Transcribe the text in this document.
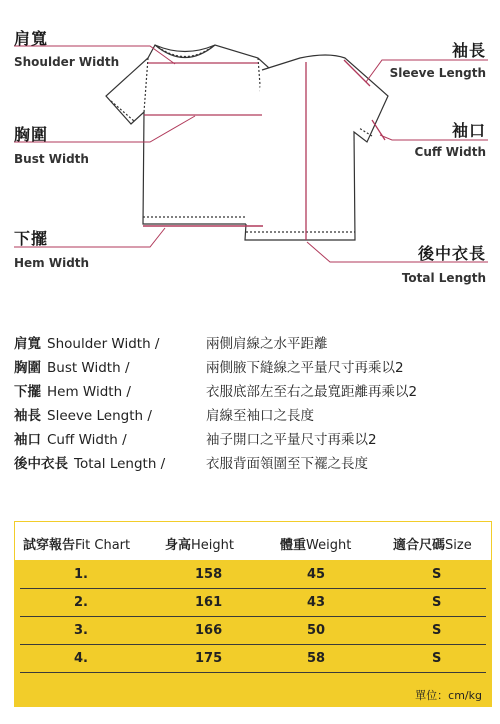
肩寬
Shoulder Width
袖長
Sleeve Length
胸圍
Bust Width
袖口
Cuff Width
下擺
Hem Width	後中衣長
Total Length
肩寬 Shoulder Width /	兩側肩線之水平距離
胸圍 Bust Width /	兩側腋下縫線之平量尺寸再乘以2
下擺 Hem Width /	衣服底部左至右之最寬距離再乘以2
袖長 Sleeve Length /	肩線至袖口之長度
袖口 Cuff Width /	袖子開口之平量尺寸再乘以2
後中衣長 Total Length /	衣服背面領圍至下襬之長度
試穿報告Fit Chart	身高Height	體重Weight	適合尺碼Size
1.	158	45	S
2.	161	43	S
3.	166	50	S
4.	175	58	S
單位：cm/kg
